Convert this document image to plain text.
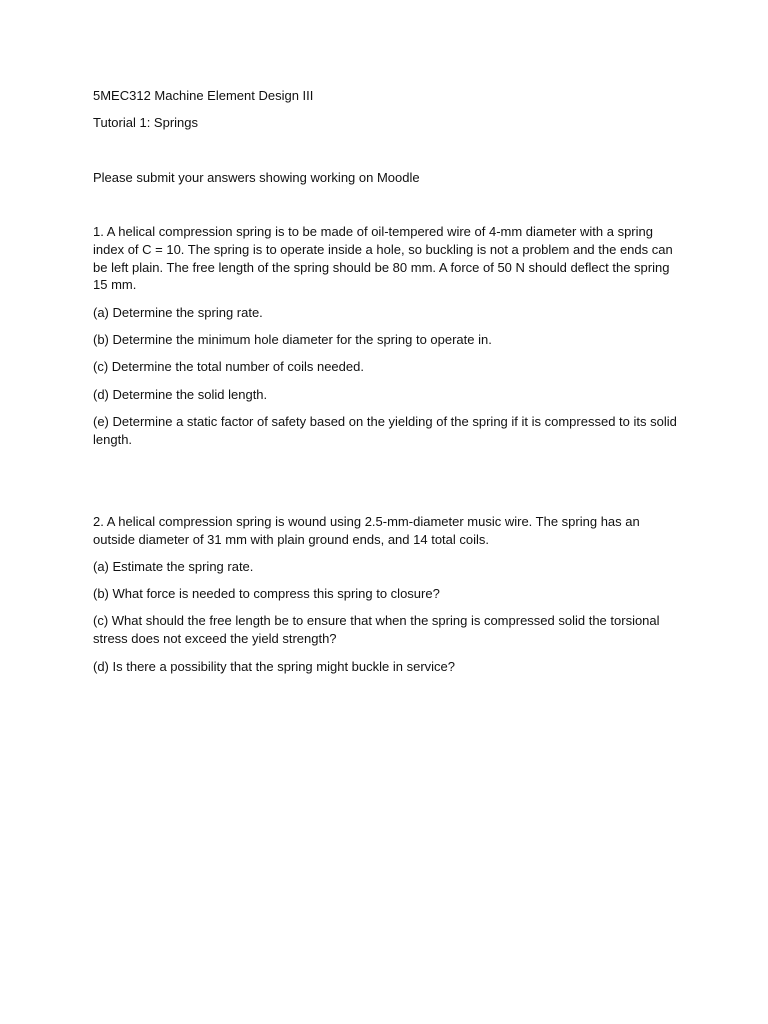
5MEC312 Machine Element Design III

Tutorial 1: Springs

Please submit your answers showing working on Moodle

1. A helical compression spring is to be made of oil-tempered wire of 4-mm diameter with a spring index of C = 10. The spring is to operate inside a hole, so buckling is not a problem and the ends can be left plain. The free length of the spring should be 80 mm. A force of 50 N should deflect the spring 15 mm.

(a) Determine the spring rate.

(b) Determine the minimum hole diameter for the spring to operate in.

(c) Determine the total number of coils needed.

(d) Determine the solid length.

(e) Determine a static factor of safety based on the yielding of the spring if it is compressed to its solid length.

2. A helical compression spring is wound using 2.5-mm-diameter music wire. The spring has an outside diameter of 31 mm with plain ground ends, and 14 total coils.

(a) Estimate the spring rate.

(b) What force is needed to compress this spring to closure?

(c) What should the free length be to ensure that when the spring is compressed solid the torsional stress does not exceed the yield strength?

(d) Is there a possibility that the spring might buckle in service?
